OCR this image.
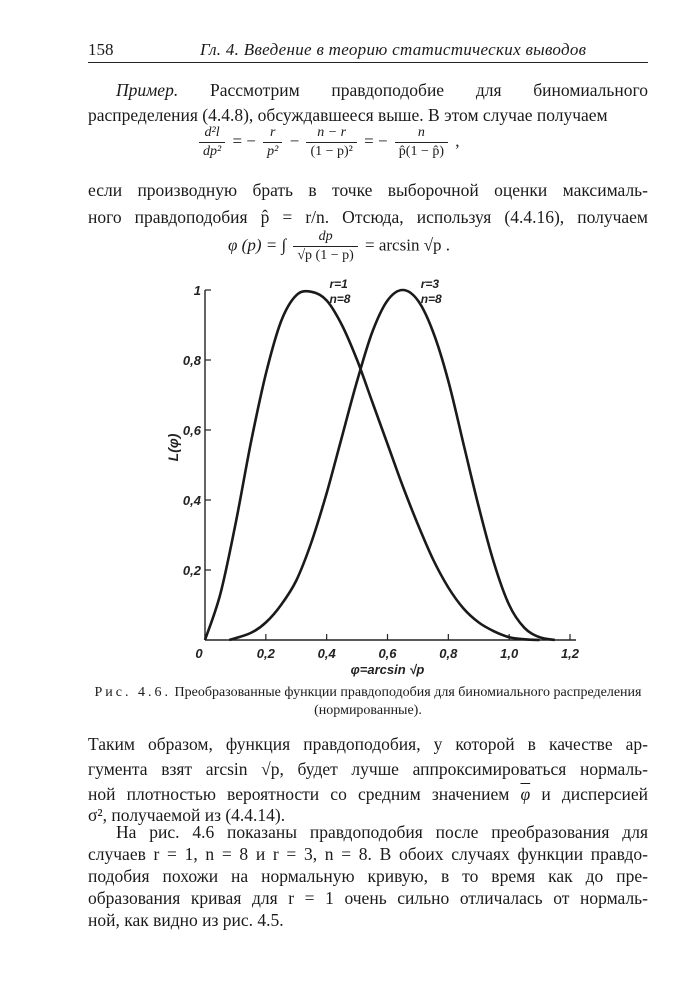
158	Гл. 4. Введение в теорию статистических выводов
Пример. Рассмотрим правдоподобие для биномиального распределения (4.4.8), обсуждавшееся выше. В этом случае получаем
$\frac{\text{d²l}}{\text{dp²}}$ = − $\frac{r}{\text{p²}} - \frac{n - r}{\text{(1 − p)²}}$ = − $\frac{n}{p̂(1 - p̂)}$ ,
если производную брать в точке выборочной оценки максималь-
ного правдоподобия p̂ = r/n. Отсюда, используя (4.4.16), получаем
φ (p) = ∫ $\frac{dp}{√p (1 - p)} = \arcsin √p$ .
0	0,2	0,4	0,6	0,8	1,0	1,2
0,2
0,4
0,6
0,8
1
L(φ)
φ=arcsin √p
r=1
n=8
r=3
n=8
Рис. 4.6. Преобразованные функции правдоподобия для биномиального распределения (нормированные).
Таким образом, функция правдоподобия, у которой в качестве ар-
гумента взят arcsin √p, будет лучше аппроксимироваться нормаль-
ной плотностью вероятности со средним значением $\overline{\varphi}$ и дисперсией
σ², получаемой из (4.4.14).
На рис. 4.6 показаны правдоподобия после преобразования для
случаев r = 1, n = 8 и r = 3, n = 8. В обоих случаях функции правдо-
подобия похожи на нормальную кривую, в то время как до пре-
образования кривая для r = 1 очень сильно отличалась от нормаль-
ной, как видно из рис. 4.5.
